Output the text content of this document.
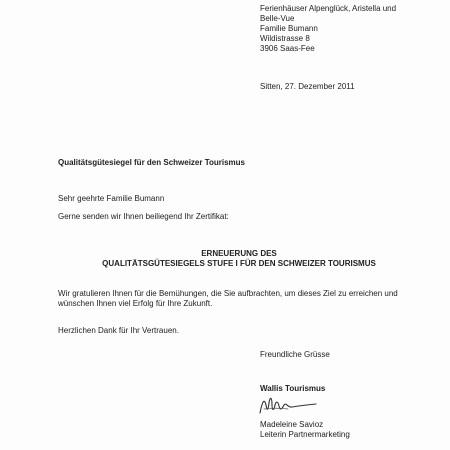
Ferienhäuser Alpenglück, Aristella und
Belle-Vue
Familie Bumann
Wildistrasse 8
3906 Saas-Fee
Sitten, 27. Dezember 2011
Qualitätsgütesiegel für den Schweizer Tourismus
Sehr geehrte Familie Bumann
Gerne senden wir Ihnen beiliegend Ihr Zertifikat:
ERNEUERUNG DES
QUALITÄTSGÜTESIEGELS STUFE I FÜR DEN SCHWEIZER TOURISMUS
Wir gratulieren Ihnen für die Bemühungen, die Sie aufbrachten, um dieses Ziel zu erreichen und
wünschen Ihnen viel Erfolg für Ihre Zukunft.
Herzlichen Dank für Ihr Vertrauen.
Freundliche Grüsse
Wallis Tourismus
Madeleine Savioz
Leiterin Partnermarketing
